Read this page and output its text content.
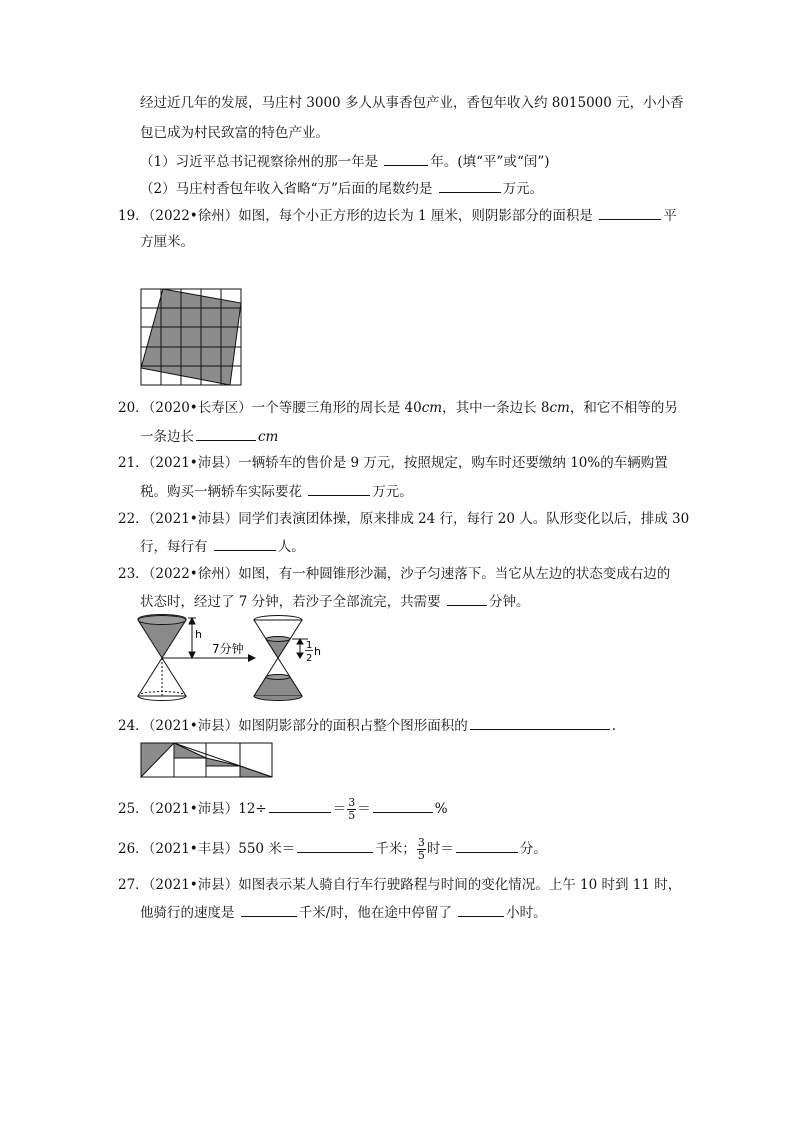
经过近几年的发展，马庄村 3000 多人从事香包产业，香包年收入约 8015000 元，小小香
包已成为村民致富的特色产业。
（1）习近平总书记视察徐州的那一年是	年。(填“平”或“闰”)
（2）马庄村香包年收入省略“万”后面的尾数约是	万元。
19．（2022•徐州）如图，每个小正方形的边长为 1 厘米，则阴影部分的面积是	平
方厘米。
20．（2020•长寿区）一个等腰三角形的周长是 40cm，其中一条边长 8cm，和它不相等的另
一条边长	cm
21．（2021•沛县）一辆轿车的售价是 9 万元，按照规定，购车时还要缴纳 10%的车辆购置
税。购买一辆轿车实际要花	万元。
22．（2021•沛县）同学们表演团体操，原来排成 24 行，每行 20 人。队形变化以后，排成 30
行，每行有	人。
23．（2022•徐州）如图，有一种圆锥形沙漏，沙子匀速落下。当它从左边的状态变成右边的
状态时，经过了 7 分钟，若沙子全部流完，共需要	分钟。
h
7分钟	1
2
h
24．（2021•沛县）如图阴影部分的面积占整个图形面积的	.
25．（2021•沛县）12÷	＝ $\frac{3}{5}$ ＝	%
26．（2021•丰县）550 米＝	千米； $\frac{3}{5}$ 时＝	分。
27．（2021•沛县）如图表示某人骑自行车行驶路程与时间的变化情况。上午 10 时到 11 时，
他骑行的速度是	千米/时，他在途中停留了	小时。
